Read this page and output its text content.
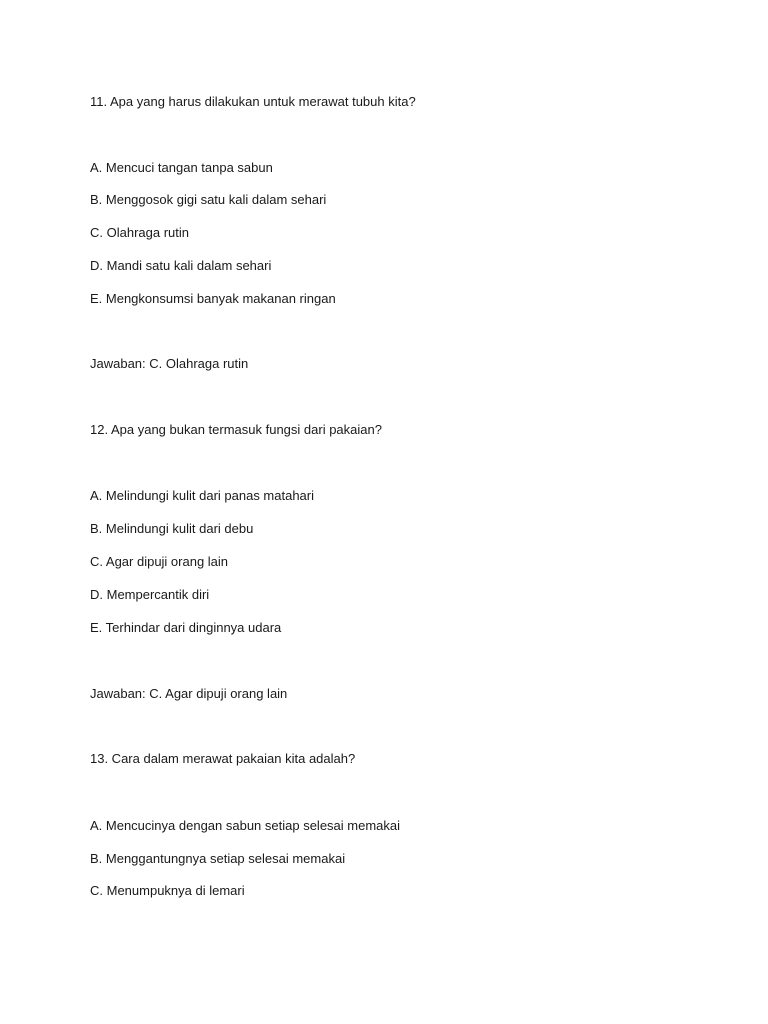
11. Apa yang harus dilakukan untuk merawat tubuh kita?
A. Mencuci tangan tanpa sabun
B. Menggosok gigi satu kali dalam sehari
C. Olahraga rutin
D. Mandi satu kali dalam sehari
E. Mengkonsumsi banyak makanan ringan
Jawaban: C. Olahraga rutin
12. Apa yang bukan termasuk fungsi dari pakaian?
A. Melindungi kulit dari panas matahari
B. Melindungi kulit dari debu
C. Agar dipuji orang lain
D. Mempercantik diri
E. Terhindar dari dinginnya udara
Jawaban: C. Agar dipuji orang lain
13. Cara dalam merawat pakaian kita adalah?
A. Mencucinya dengan sabun setiap selesai memakai
B. Menggantungnya setiap selesai memakai
C. Menumpuknya di lemari
